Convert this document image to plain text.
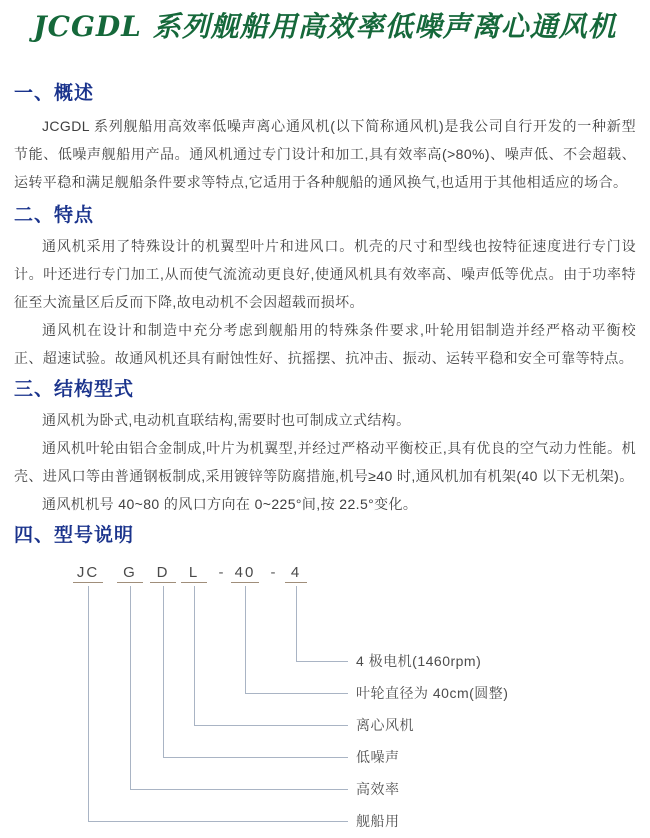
JCGDL 系列舰船用高效率低噪声离心通风机
一、概述

JCGDL 系列舰船用高效率低噪声离心通风机(以下简称通风机)是我公司自行开发的一种新型节能、低噪声舰船用产品。通风机通过专门设计和加工,具有效率高(>80%)、噪声低、不会超载、运转平稳和满足舰船条件要求等特点,它适用于各种舰船的通风换气,也适用于其他相适应的场合。

二、特点

通风机采用了特殊设计的机翼型叶片和进风口。机壳的尺寸和型线也按特征速度进行专门设计。叶还进行专门加工,从而使气流流动更良好,使通风机具有效率高、噪声低等优点。由于功率特征至大流量区后反而下降,故电动机不会因超载而损坏。

通风机在设计和制造中充分考虑到舰船用的特殊条件要求,叶轮用铝制造并经严格动平衡校正、超速试验。故通风机还具有耐蚀性好、抗摇摆、抗冲击、振动、运转平稳和安全可靠等特点。

三、结构型式

通风机为卧式,电动机直联结构,需要时也可制成立式结构。

通风机叶轮由铝合金制成,叶片为机翼型,并经过严格动平衡校正,具有优良的空气动力性能。机壳、进风口等由普通钢板制成,采用镀锌等防腐措施,机号≥40 时,通风机加有机架(40 以下无机架)。

通风机机号 40~80 的风口方向在 0~225°间,按 22.5°变化。

四、型号说明
JC	G	D	L	- 40	-	4
4 极电机(1460rpm)
叶轮直径为 40cm(圆整)
离心风机
低噪声
高效率
舰船用
